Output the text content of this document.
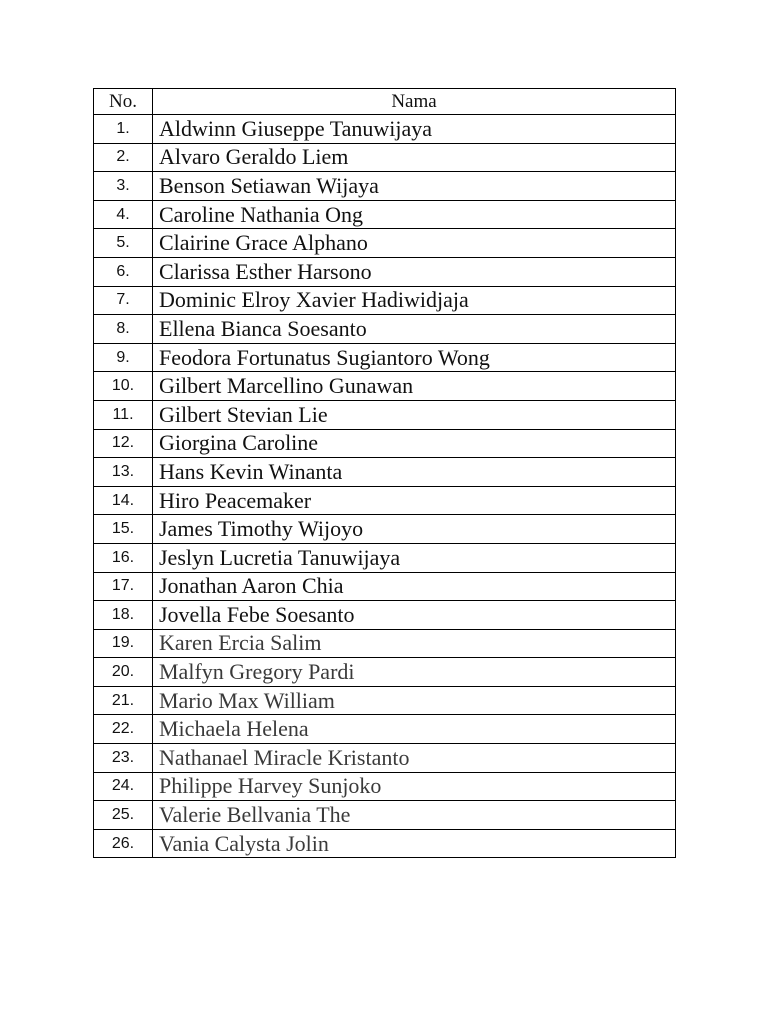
No.	Nama
1.	Aldwinn Giuseppe Tanuwijaya
2.	Alvaro Geraldo Liem
3.	Benson Setiawan Wijaya
4.	Caroline Nathania Ong
5.	Clairine Grace Alphano
6.	Clarissa Esther Harsono
7.	Dominic Elroy Xavier Hadiwidjaja
8.	Ellena Bianca Soesanto
9.	Feodora Fortunatus Sugiantoro Wong
10.	Gilbert Marcellino Gunawan
11.	Gilbert Stevian Lie
12.	Giorgina Caroline
13.	Hans Kevin Winanta
14.	Hiro Peacemaker
15.	James Timothy Wijoyo
16.	Jeslyn Lucretia Tanuwijaya
17.	Jonathan Aaron Chia
18.	Jovella Febe Soesanto
19.	Karen Ercia Salim
20.	Malfyn Gregory Pardi
21.	Mario Max William
22.	Michaela Helena
23.	Nathanael Miracle Kristanto
24.	Philippe Harvey Sunjoko
25.	Valerie Bellvania The
26.	Vania Calysta Jolin
